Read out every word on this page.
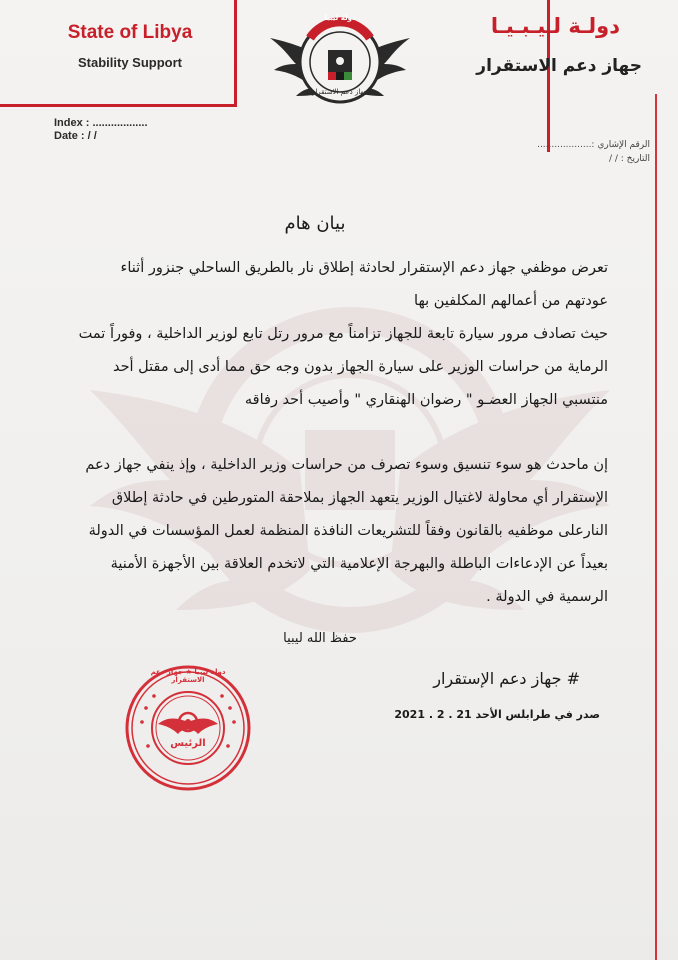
State of Libya
Stability Support
دولـة لـيـبـيـا
جهاز دعم الاستقرار
دولة ليبيا
جهاز دعم الاستقرار
Index : ..................
Date : / /
الرقم الإشاري :...................
التاريخ : / /
بيان هام
تعرض موظفي جهاز دعم الإستقرار لحادثة إطلاق نار بالطريق الساحلي جنزور أثناء عودتهم من أعمالهم المكلفين بها
حيث تصادف مرور سيارة تابعة للجهاز تزامناً مع مرور رتل تابع لوزير الداخلية ، وفوراً تمت الرماية من حراسات الوزير على سيارة الجهاز بدون وجه حق مما أدى إلى مقتل أحد منتسبي الجهاز العضـو " رضوان الهنقاري " وأصيب أحد رفاقه
إن ماحدث هو سوء تنسيق وسوء تصرف من حراسات وزير الداخلية ، وإذ ينفي جهاز دعم الإستقرار أي محاولة لاغتيال الوزير يتعهد الجهاز بملاحقة المتورطين في حادثة إطلاق النارعلى موظفيه بالقانون وفقاً للتشريعات النافذة المنظمة لعمل المؤسسات في الدولة بعيداً عن الإدعاءات الباطلة والبهرجة الإعلامية التي لاتخدم العلاقة بين الأجهزة الأمنية الرسمية في الدولة .
حفظ الله ليبيا
# جهاز دعم الإستقرار
صدر في طرابلس الأحد 21 . 2 . 2021
دولة ليبيا ★ جهاز دعم الاستقرار
الرئيس
